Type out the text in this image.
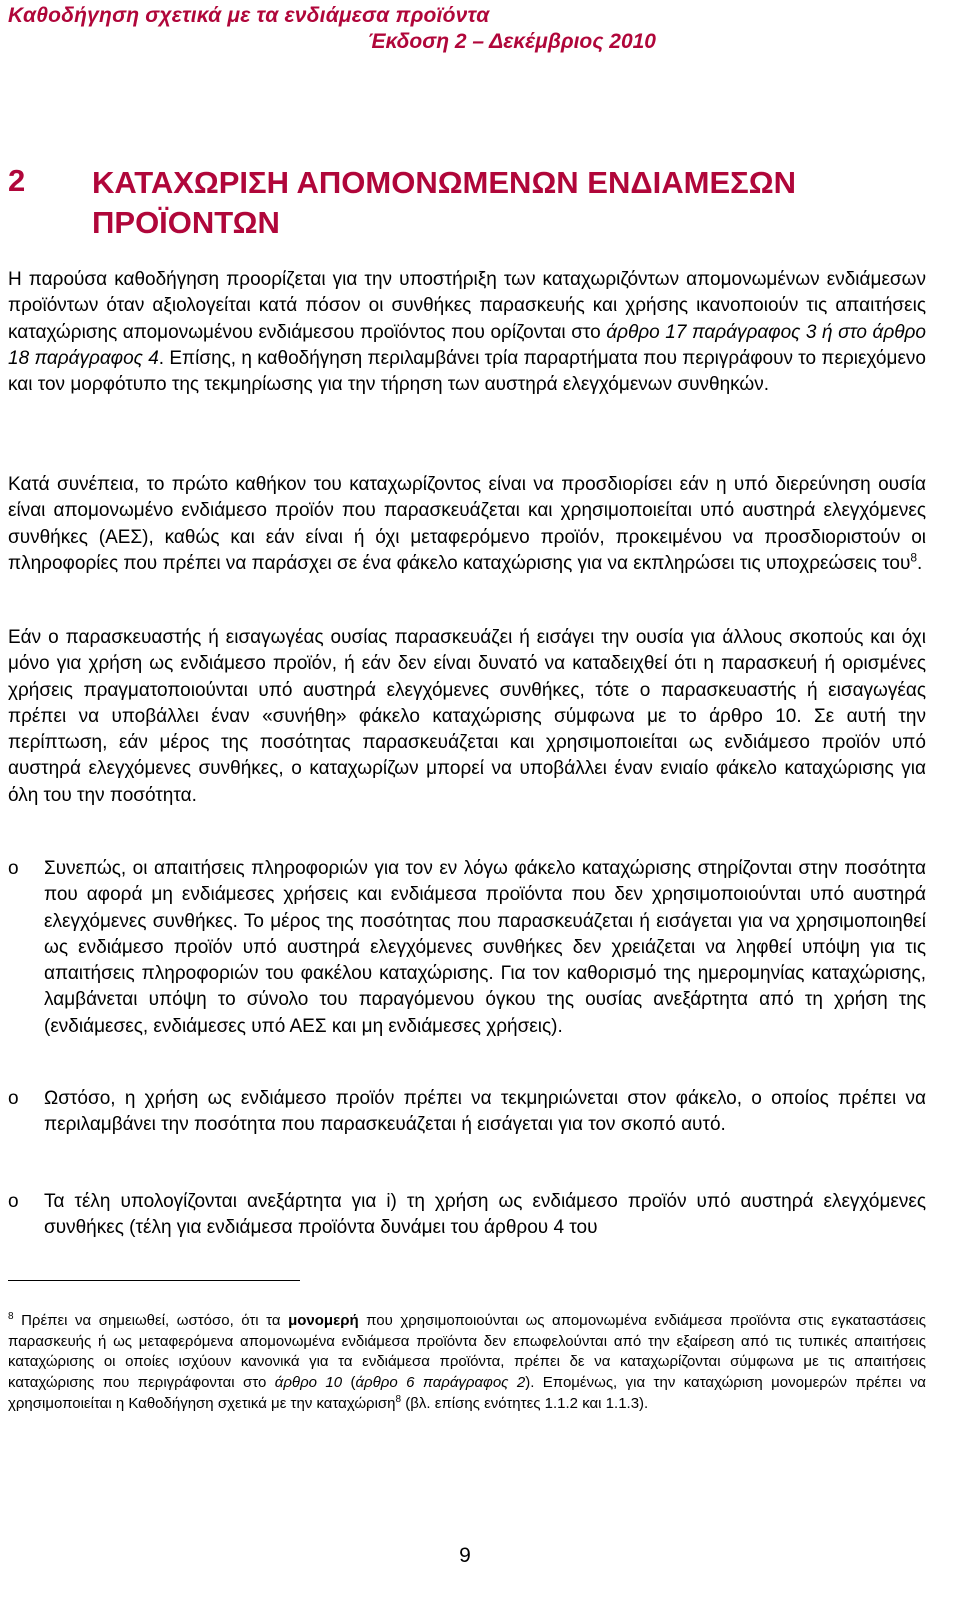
Καθοδήγηση σχετικά με τα ενδιάμεσα προϊόντα
Έκδοση 2 – Δεκέμβριος 2010
2 ΚΑΤΑΧΩΡΙΣΗ ΑΠΟΜΟΝΩΜΕΝΩΝ ΕΝΔΙΑΜΕΣΩΝ ΠΡΟΪΟΝΤΩΝ

Η παρούσα καθοδήγηση προορίζεται για την υποστήριξη των καταχωριζόντων απομονωμένων ενδιάμεσων προϊόντων όταν αξιολογείται κατά πόσον οι συνθήκες παρασκευής και χρήσης ικανοποιούν τις απαιτήσεις καταχώρισης απομονωμένου ενδιάμεσου προϊόντος που ορίζονται στο άρθρο 17 παράγραφος 3 ή στο άρθρο 18 παράγραφος 4. Επίσης, η καθοδήγηση περιλαμβάνει τρία παραρτήματα που περιγράφουν το περιεχόμενο και τον μορφότυπο της τεκμηρίωσης για την τήρηση των αυστηρά ελεγχόμενων συνθηκών.

Κατά συνέπεια, το πρώτο καθήκον του καταχωρίζοντος είναι να προσδιορίσει εάν η υπό διερεύνηση ουσία είναι απομονωμένο ενδιάμεσο προϊόν που παρασκευάζεται και χρησιμοποιείται υπό αυστηρά ελεγχόμενες συνθήκες (ΑΕΣ), καθώς και εάν είναι ή όχι μεταφερόμενο προϊόν, προκειμένου να προσδιοριστούν οι πληροφορίες που πρέπει να παράσχει σε ένα φάκελο καταχώρισης για να εκπληρώσει τις υποχρεώσεις του$^8$.

Εάν ο παρασκευαστής ή εισαγωγέας ουσίας παρασκευάζει ή εισάγει την ουσία για άλλους σκοπούς και όχι μόνο για χρήση ως ενδιάμεσο προϊόν, ή εάν δεν είναι δυνατό να καταδειχθεί ότι η παρασκευή ή ορισμένες χρήσεις πραγματοποιούνται υπό αυστηρά ελεγχόμενες συνθήκες, τότε ο παρασκευαστής ή εισαγωγέας πρέπει να υποβάλλει έναν «συνήθη» φάκελο καταχώρισης σύμφωνα με το άρθρο 10. Σε αυτή την περίπτωση, εάν μέρος της ποσότητας παρασκευάζεται και χρησιμοποιείται ως ενδιάμεσο προϊόν υπό αυστηρά ελεγχόμενες συνθήκες, ο καταχωρίζων μπορεί να υποβάλλει έναν ενιαίο φάκελο καταχώρισης για όλη του την ποσότητα.

o	Συνεπώς, οι απαιτήσεις πληροφοριών για τον εν λόγω φάκελο καταχώρισης στηρίζονται στην ποσότητα που αφορά μη ενδιάμεσες χρήσεις και ενδιάμεσα προϊόντα που δεν χρησιμοποιούνται υπό αυστηρά ελεγχόμενες συνθήκες. Το μέρος της ποσότητας που παρασκευάζεται ή εισάγεται για να χρησιμοποιηθεί ως ενδιάμεσο προϊόν υπό αυστηρά ελεγχόμενες συνθήκες δεν χρειάζεται να ληφθεί υπόψη για τις απαιτήσεις πληροφοριών του φακέλου καταχώρισης. Για τον καθορισμό της ημερομηνίας καταχώρισης, λαμβάνεται υπόψη το σύνολο του παραγόμενου όγκου της ουσίας ανεξάρτητα από τη χρήση της (ενδιάμεσες, ενδιάμεσες υπό ΑΕΣ και μη ενδιάμεσες χρήσεις).
o	Ωστόσο, η χρήση ως ενδιάμεσο προϊόν πρέπει να τεκμηριώνεται στον φάκελο, ο οποίος πρέπει να περιλαμβάνει την ποσότητα που παρασκευάζεται ή εισάγεται για τον σκοπό αυτό.
o	Τα τέλη υπολογίζονται ανεξάρτητα για i) τη χρήση ως ενδιάμεσο προϊόν υπό αυστηρά ελεγχόμενες συνθήκες (τέλη για ενδιάμεσα προϊόντα δυνάμει του άρθρου 4 του

$^8$ Πρέπει να σημειωθεί, ωστόσο, ότι τα μονομερή που χρησιμοποιούνται ως απομονωμένα ενδιάμεσα προϊόντα στις εγκαταστάσεις παρασκευής ή ως μεταφερόμενα απομονωμένα ενδιάμεσα προϊόντα δεν επωφελούνται από την εξαίρεση από τις τυπικές απαιτήσεις καταχώρισης οι οποίες ισχύουν κανονικά για τα ενδιάμεσα προϊόντα, πρέπει δε να καταχωρίζονται σύμφωνα με τις απαιτήσεις καταχώρισης που περιγράφονται στο άρθρο 10 (άρθρο 6 παράγραφος 2). Επομένως, για την καταχώριση μονομερών πρέπει να χρησιμοποιείται η Καθοδήγηση σχετικά με την καταχώριση$^8$ (βλ. επίσης ενότητες 1.1.2 και 1.1.3).

9
